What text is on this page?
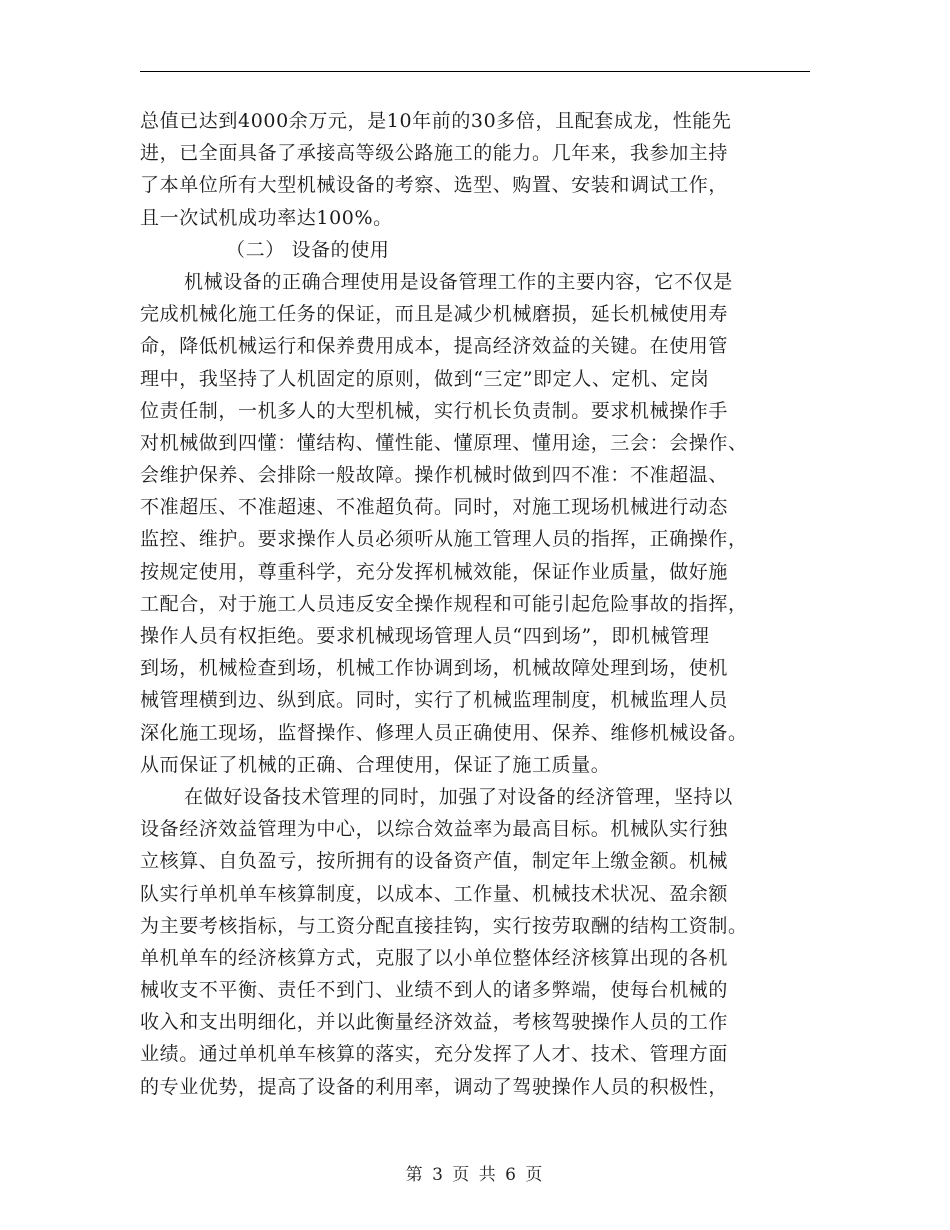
总值已达到4000余万元，是10年前的30多倍，且配套成龙，性能先
进，已全面具备了承接高等级公路施工的能力。几年来，我参加主持
了本单位所有大型机械设备的考察、选型、购置、安装和调试工作，
且一次试机成功率达100%。
（二） 设备的使用
机械设备的正确合理使用是设备管理工作的主要内容，它不仅是
完成机械化施工任务的保证，而且是减少机械磨损，延长机械使用寿
命，降低机械运行和保养费用成本，提高经济效益的关键。在使用管
理中，我坚持了人机固定的原则，做到“三定”即定人、定机、定岗
位责任制，一机多人的大型机械，实行机长负责制。要求机械操作手
对机械做到四懂：懂结构、懂性能、懂原理、懂用途，三会：会操作、
会维护保养、会排除一般故障。操作机械时做到四不准：不准超温、
不准超压、不准超速、不准超负荷。同时，对施工现场机械进行动态
监控、维护。要求操作人员必须听从施工管理人员的指挥，正确操作，
按规定使用，尊重科学，充分发挥机械效能，保证作业质量，做好施
工配合，对于施工人员违反安全操作规程和可能引起危险事故的指挥，
操作人员有权拒绝。要求机械现场管理人员“四到场”，即机械管理
到场，机械检查到场，机械工作协调到场，机械故障处理到场，使机
械管理横到边、纵到底。同时，实行了机械监理制度，机械监理人员
深化施工现场，监督操作、修理人员正确使用、保养、维修机械设备。
从而保证了机械的正确、合理使用，保证了施工质量。
在做好设备技术管理的同时，加强了对设备的经济管理，坚持以
设备经济效益管理为中心，以综合效益率为最高目标。机械队实行独
立核算、自负盈亏，按所拥有的设备资产值，制定年上缴金额。机械
队实行单机单车核算制度，以成本、工作量、机械技术状况、盈余额
为主要考核指标，与工资分配直接挂钩，实行按劳取酬的结构工资制。
单机单车的经济核算方式，克服了以小单位整体经济核算出现的各机
械收支不平衡、责任不到门、业绩不到人的诸多弊端，使每台机械的
收入和支出明细化，并以此衡量经济效益，考核驾驶操作人员的工作
业绩。通过单机单车核算的落实，充分发挥了人才、技术、管理方面
的专业优势，提高了设备的利用率，调动了驾驶操作人员的积极性，
第 3 页 共 6 页
